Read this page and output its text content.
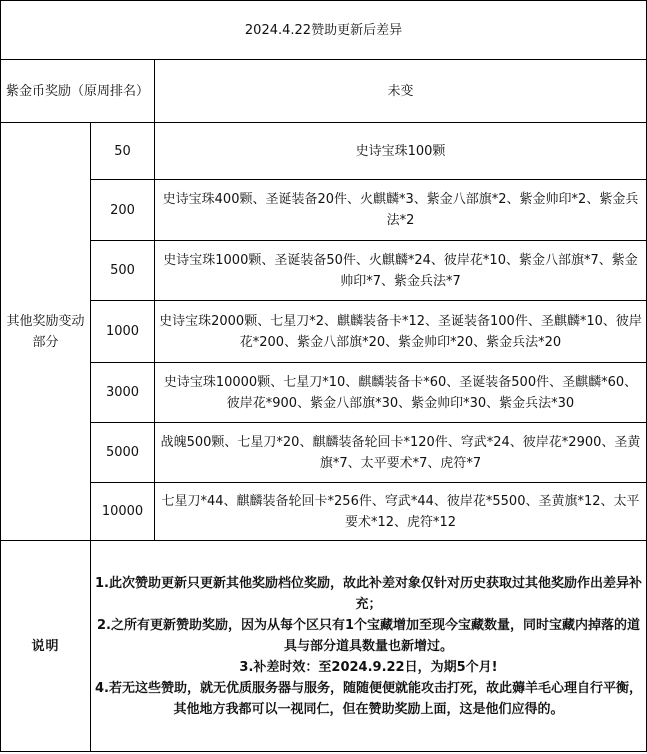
2024.4.22赞助更新后差异		
紫金币奖励（原周排名）		未变
其他奖励变动
部分	50	史诗宝珠100颗
	200	史诗宝珠400颗、圣诞装备20件、火麒麟*3、紫金八部旗*2、紫金帅印*2、紫金兵法*2
	500	史诗宝珠1000颗、圣诞装备50件、火麒麟*24、彼岸花*10、紫金八部旗*7、紫金帅印*7、紫金兵法*7
	1000	史诗宝珠2000颗、七星刀*2、麒麟装备卡*12、圣诞装备100件、圣麒麟*10、彼岸花*200、紫金八部旗*20、紫金帅印*20、紫金兵法*20
	3000	史诗宝珠10000颗、七星刀*10、麒麟装备卡*60、圣诞装备500件、圣麒麟*60、彼岸花*900、紫金八部旗*30、紫金帅印*30、紫金兵法*30
	5000	战魄500颗、七星刀*20、麒麟装备轮回卡*120件、穹武*24、彼岸花*2900、圣黄旗*7、太平要术*7、虎符*7
	10000	七星刀*44、麒麟装备轮回卡*256件、穹武*44、彼岸花*5500、圣黄旗*12、太平要术*12、虎符*12
说明	1.此次赞助更新只更新其他奖励档位奖励，故此补差对象仅针对历史获取过其他奖励作出差异补充；
2.之所有更新赞助奖励，因为从每个区只有1个宝藏增加至现今宝藏数量，同时宝藏内掉落的道具与部分道具数量也新增过。
3.补差时效：至2024.9.22日，为期5个月!
4.若无这些赞助，就无优质服务器与服务，随随便便就能攻击打死，故此薅羊毛心理自行平衡，其他地方我都可以一视同仁，但在赞助奖励上面，这是他们应得的。	
